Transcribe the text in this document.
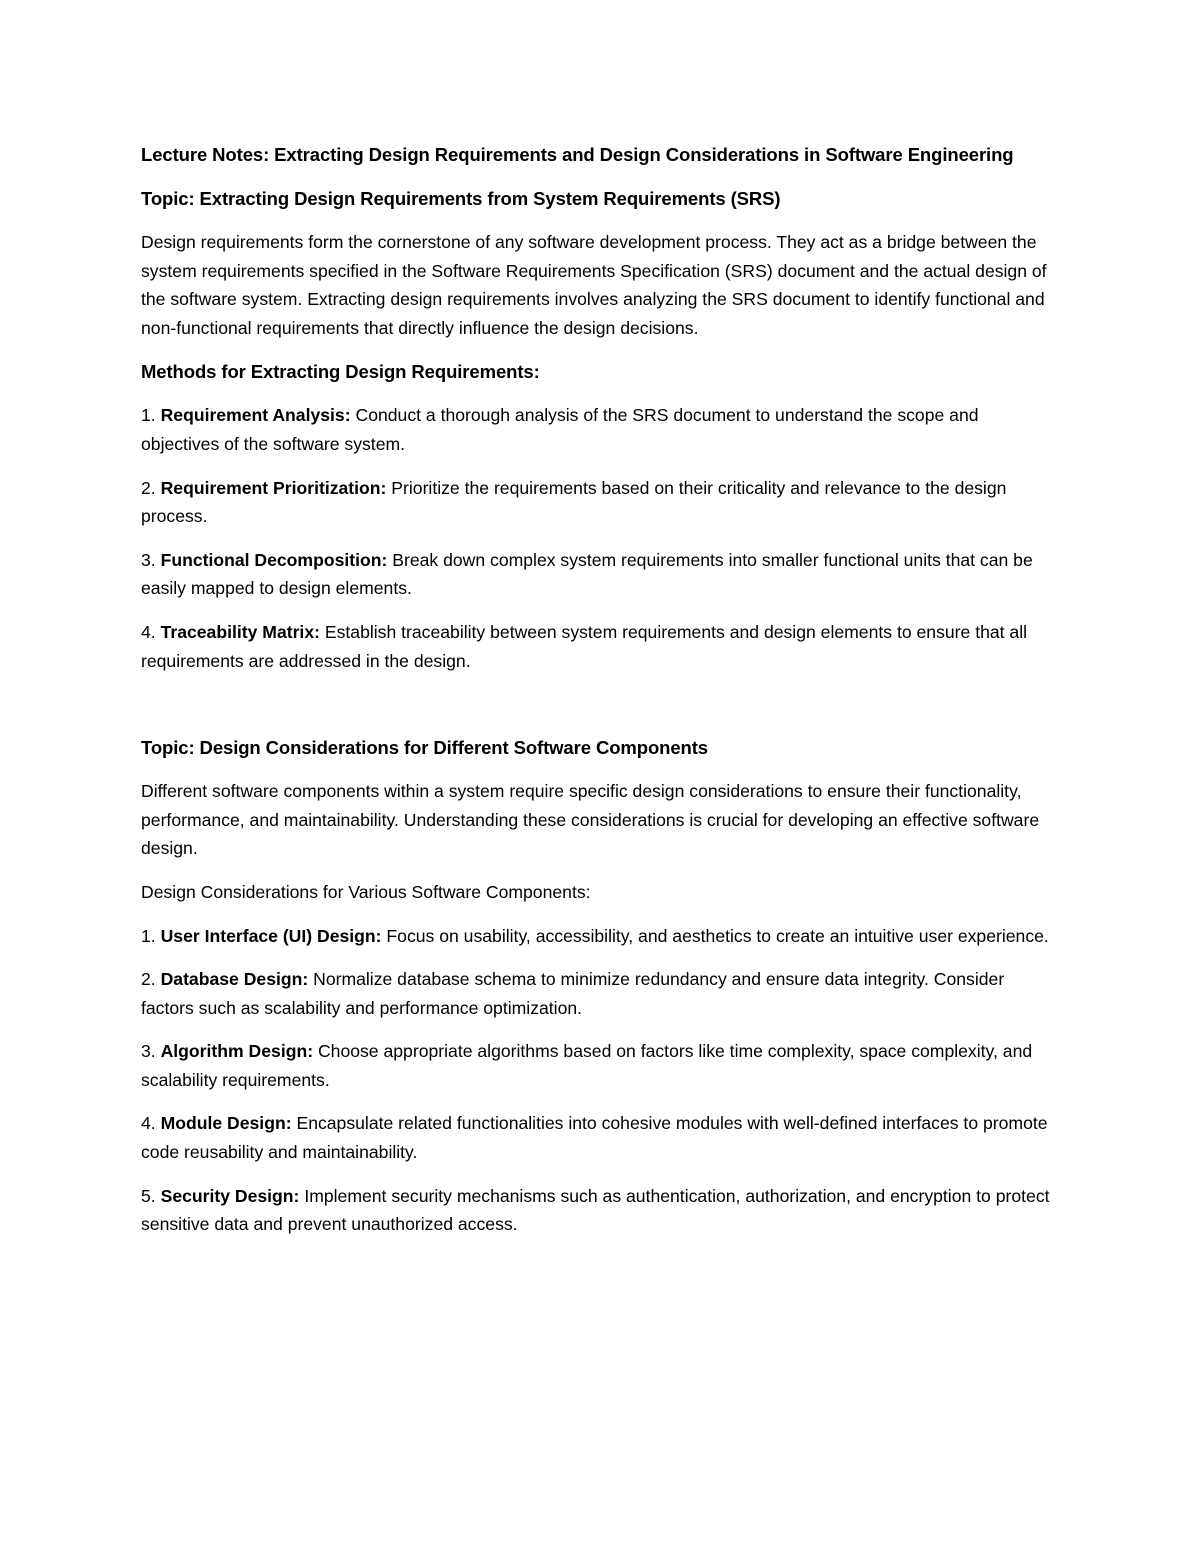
Lecture Notes: Extracting Design Requirements and Design Considerations in Software Engineering
Topic: Extracting Design Requirements from System Requirements (SRS)

Design requirements form the cornerstone of any software development process. They act as a bridge between the system requirements specified in the Software Requirements Specification (SRS) document and the actual design of the software system. Extracting design requirements involves analyzing the SRS document to identify functional and non-functional requirements that directly influence the design decisions.

Methods for Extracting Design Requirements:
1. Requirement Analysis: Conduct a thorough analysis of the SRS document to understand the scope and objectives of the software system.
2. Requirement Prioritization: Prioritize the requirements based on their criticality and relevance to the design process.
3. Functional Decomposition: Break down complex system requirements into smaller functional units that can be easily mapped to design elements.
4. Traceability Matrix: Establish traceability between system requirements and design elements to ensure that all requirements are addressed in the design.
Topic: Design Considerations for Different Software Components

Different software components within a system require specific design considerations to ensure their functionality, performance, and maintainability. Understanding these considerations is crucial for developing an effective software design.

Design Considerations for Various Software Components:

1. User Interface (UI) Design: Focus on usability, accessibility, and aesthetics to create an intuitive user experience.
2. Database Design: Normalize database schema to minimize redundancy and ensure data integrity. Consider factors such as scalability and performance optimization.
3. Algorithm Design: Choose appropriate algorithms based on factors like time complexity, space complexity, and scalability requirements.
4. Module Design: Encapsulate related functionalities into cohesive modules with well-defined interfaces to promote code reusability and maintainability.
5. Security Design: Implement security mechanisms such as authentication, authorization, and encryption to protect sensitive data and prevent unauthorized access.
